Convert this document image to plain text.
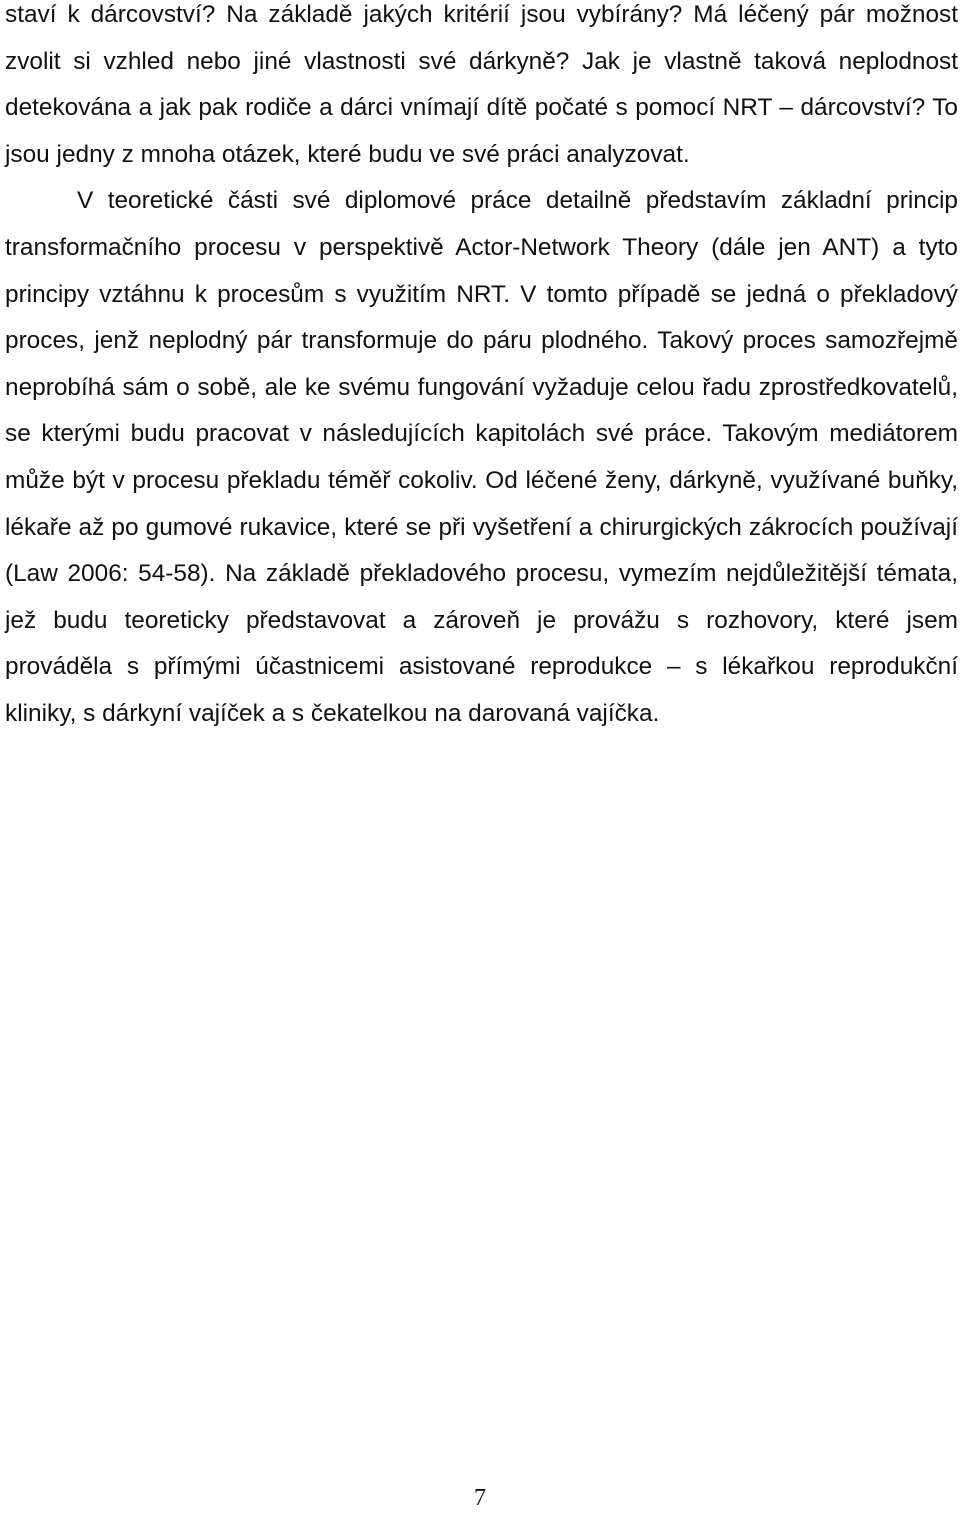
staví k dárcovství? Na základě jakých kritérií jsou vybírány? Má léčený pár možnost zvolit si vzhled nebo jiné vlastnosti své dárkyně? Jak je vlastně taková neplodnost detekována a jak pak rodiče a dárci vnímají dítě počaté s pomocí NRT – dárcovství? To jsou jedny z mnoha otázek, které budu ve své práci analyzovat.

V teoretické části své diplomové práce detailně představím základní princip transformačního procesu v perspektivě Actor-Network Theory (dále jen ANT) a tyto principy vztáhnu k procesům s využitím NRT. V tomto případě se jedná o překladový proces, jenž neplodný pár transformuje do páru plodného. Takový proces samozřejmě neprobíhá sám o sobě, ale ke svému fungování vyžaduje celou řadu zprostředkovatelů, se kterými budu pracovat v následujících kapitolách své práce. Takovým mediátorem může být v procesu překladu téměř cokoliv. Od léčené ženy, dárkyně, využívané buňky, lékaře až po gumové rukavice, které se při vyšetření a chirurgických zákrocích používají (Law 2006: 54-58). Na základě překladového procesu, vymezím nejdůležitější témata, jež budu teoreticky představovat a zároveň je provážu s rozhovory, které jsem prováděla s přímými účastnicemi asistované reprodukce – s lékařkou reprodukční kliniky, s dárkyní vajíček a s čekatelkou na darovaná vajíčka.

7
